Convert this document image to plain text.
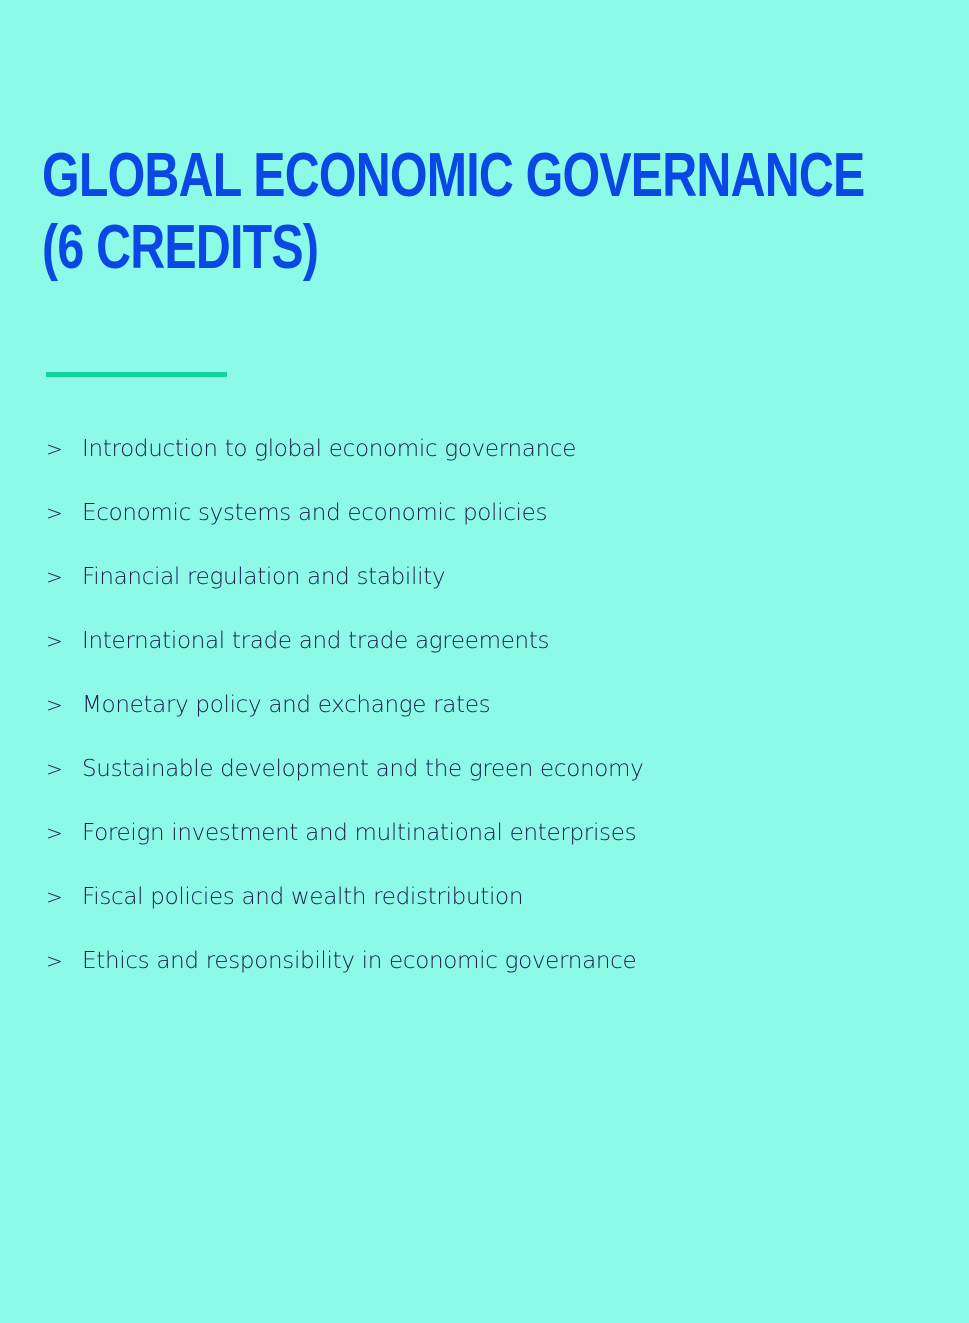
GLOBAL ECONOMIC GOVERNANCE
(6 CREDITS)
> Introduction to global economic governance
> Economic systems and economic policies
> Financial regulation and stability
> International trade and trade agreements
> Monetary policy and exchange rates
> Sustainable development and the green economy
> Foreign investment and multinational enterprises
> Fiscal policies and wealth redistribution
> Ethics and responsibility in economic governance
